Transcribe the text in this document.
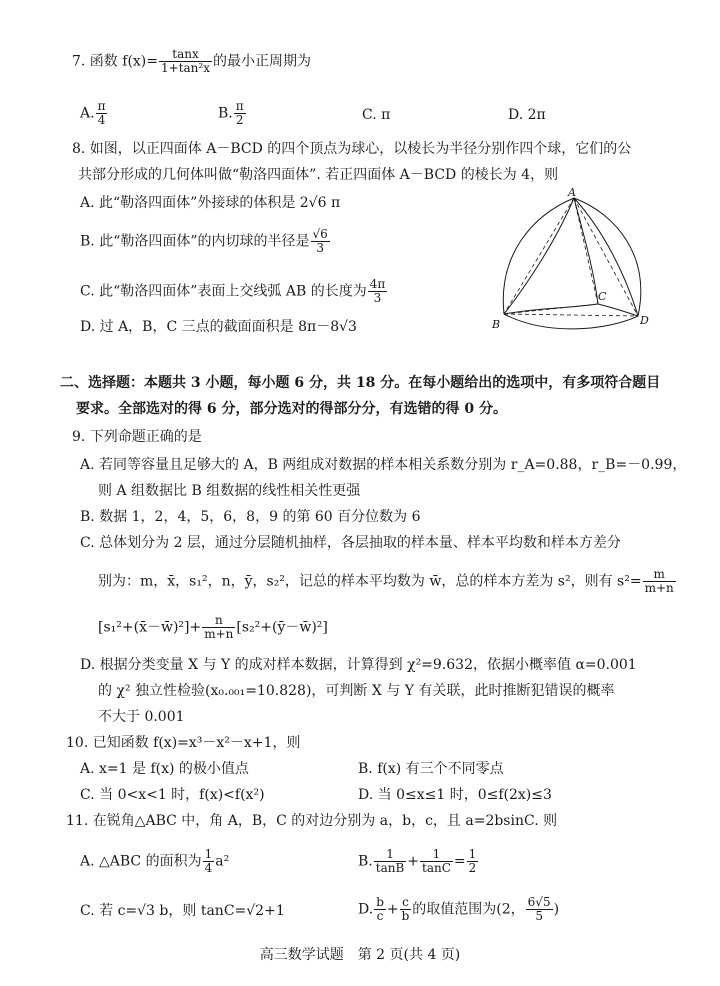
7. 函数 $f(x)= \frac{\tan x}{\text{1+tan²x}}$ 的最小正周期为
A. $\frac{\pi}{4}$	B. $\frac{\pi}{2}$	C. π	D. 2π
8. 如图，以正四面体 A－BCD 的四个顶点为球心，以棱长为半径分别作四个球，它们的公
共部分形成的几何体叫做“勒洛四面体”. 若正四面体 A－BCD 的棱长为 4，则
A. 此“勒洛四面体”外接球的体积是 2√6 π
B. 此“勒洛四面体”的内切球的半径是 $\frac{√6}{3}$
C. 此“勒洛四面体”表面上交线弧 AB 的长度为 $\frac{4\pi}{3}$
D. 过 A，B，C 三点的截面面积是 8π－8√3
A
B
C
D
二、选择题：本题共 3 小题，每小题 6 分，共 18 分。在每小题给出的选项中，有多项符合题目
要求。全部选对的得 6 分，部分选对的得部分分，有选错的得 0 分。
9. 下列命题正确的是
A. 若同等容量且足够大的 A，B 两组成对数据的样本相关系数分别为 r_A=0.88，r_B=－0.99，
则 A 组数据比 B 组数据的线性相关性更强
B. 数据 1，2，4，5，6，8，9 的第 60 百分位数为 6
C. 总体划分为 2 层，通过分层随机抽样，各层抽取的样本量、样本平均数和样本方差分
别为：m，x̄，s₁²，n，ȳ，s₂²，记总的样本平均数为 w̄，总的样本方差为 s²，则有 $s^2= \frac{m}{m+n}$
[s₁²+(x̄－w̄)²]+ $\frac{n}{m+n}$ [s₂²+(ȳ－w̄)²]
D. 根据分类变量 X 与 Y 的成对样本数据，计算得到 χ²=9.632，依据小概率值 α=0.001
的 χ² 独立性检验(x₀.₀₀₁=10.828)，可判断 X 与 Y 有关联，此时推断犯错误的概率
不大于 0.001
10. 已知函数 f(x)=x³－x²－x+1，则
A. x=1 是 f(x) 的极小值点	B. f(x) 有三个不同零点
C. 当 0<x<1 时，f(x)<f(x²)	D. 当 0≤x≤1 时，0≤f(2x)≤3
11. 在锐角△ABC 中，角 A，B，C 的对边分别为 a，b，c，且 a=2bsinC. 则
A. △ABC 的面积为 $\frac{1}{4} a^2$	B. $\frac{1}{\tan B} + \frac{1}{\tan C} = \frac{1}{2}$
C. 若 c=√3 b，则 tanC=√2+1	D. $\frac{b}{c} + \frac{c}{b}$ 的取值范围为(2， $\frac{6√5}{5}$ )
高三数学试题　第 2 页(共 4 页)
